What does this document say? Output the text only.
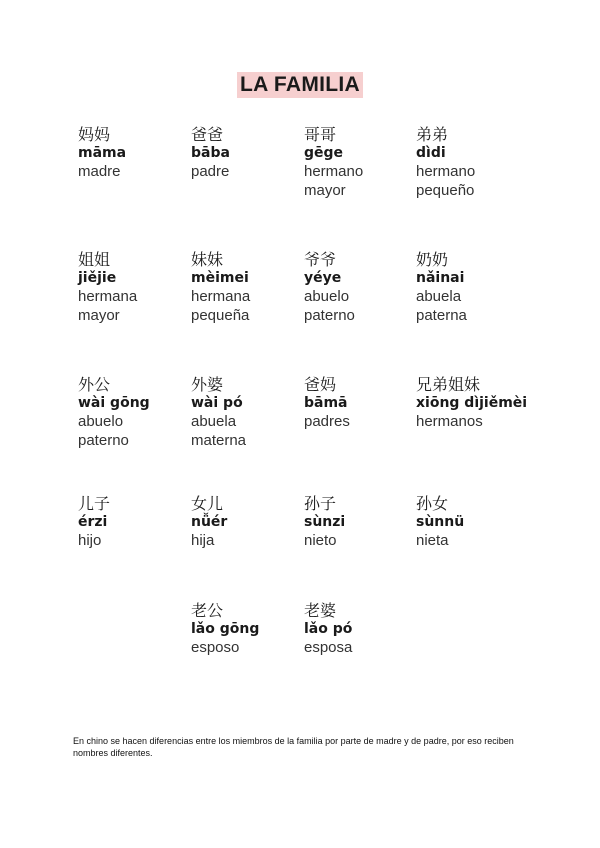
LA FAMILIA
妈妈
māma
madre
爸爸
bāba
padre
哥哥
gēge
hermano
mayor
弟弟
dìdi
hermano
pequeño
姐姐
jiějie
hermana
mayor
妹妹
mèimei
hermana
pequeña
爷爷
yéye
abuelo
paterno
奶奶
nǎinai
abuela
paterna
外公
wài gōng
abuelo
paterno
外婆
wài pó
abuela
materna
爸妈
bāmā
padres
兄弟姐妹
xiōng dìjiěmèi
hermanos
儿子
érzi
hijo
女儿
nǚér
hija
孙子
sùnzi
nieto
孙女
sùnnü
nieta
老公
lǎo gōng
esposo
老婆
lǎo pó
esposa
En chino se hacen diferencias entre los miembros de la familia por parte de madre y de padre, por eso reciben nombres diferentes.
